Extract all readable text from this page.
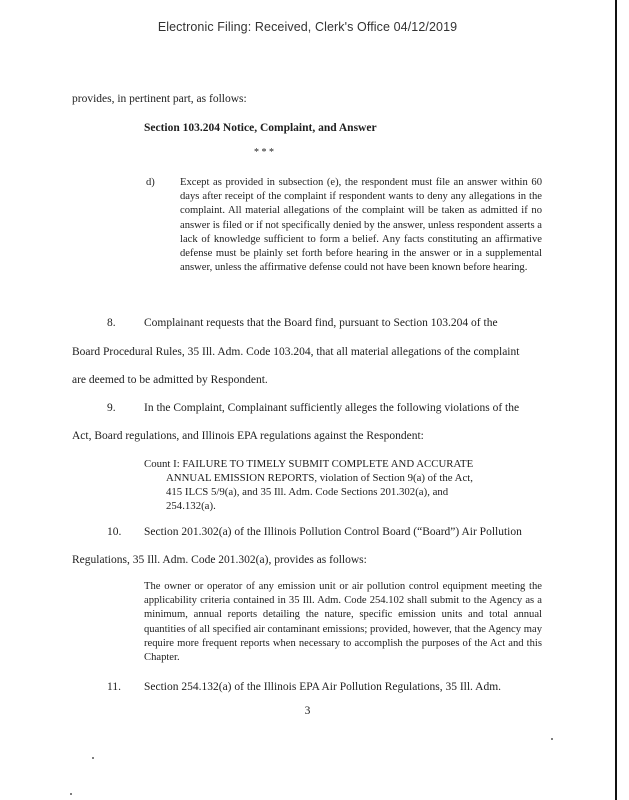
Electronic Filing: Received, Clerk's Office 04/12/2019
provides, in pertinent part, as follows:
Section 103.204 Notice, Complaint, and Answer
* * *
d) Except as provided in subsection (e), the respondent must file an answer within 60 days after receipt of the complaint if respondent wants to deny any allegations in the complaint. All material allegations of the complaint will be taken as admitted if no answer is filed or if not specifically denied by the answer, unless respondent asserts a lack of knowledge sufficient to form a belief. Any facts constituting an affirmative defense must be plainly set forth before hearing in the answer or in a supplemental answer, unless the affirmative defense could not have been known before hearing.
8. Complainant requests that the Board find, pursuant to Section 103.204 of the
Board Procedural Rules, 35 Ill. Adm. Code 103.204, that all material allegations of the complaint
are deemed to be admitted by Respondent.
9. In the Complaint, Complainant sufficiently alleges the following violations of the
Act, Board regulations, and Illinois EPA regulations against the Respondent:
Count I: FAILURE TO TIMELY SUBMIT COMPLETE AND ACCURATE
ANNUAL EMISSION REPORTS, violation of Section 9(a) of the Act,
415 ILCS 5/9(a), and 35 Ill. Adm. Code Sections 201.302(a), and
254.132(a).
10. Section 201.302(a) of the Illinois Pollution Control Board (“Board”) Air Pollution
Regulations, 35 Ill. Adm. Code 201.302(a), provides as follows:
The owner or operator of any emission unit or air pollution control equipment meeting the applicability criteria contained in 35 Ill. Adm. Code 254.102 shall submit to the Agency as a minimum, annual reports detailing the nature, specific emission units and total annual quantities of all specified air contaminant emissions; provided, however, that the Agency may require more frequent reports when necessary to accomplish the purposes of the Act and this Chapter.
11. Section 254.132(a) of the Illinois EPA Air Pollution Regulations, 35 Ill. Adm.
3
